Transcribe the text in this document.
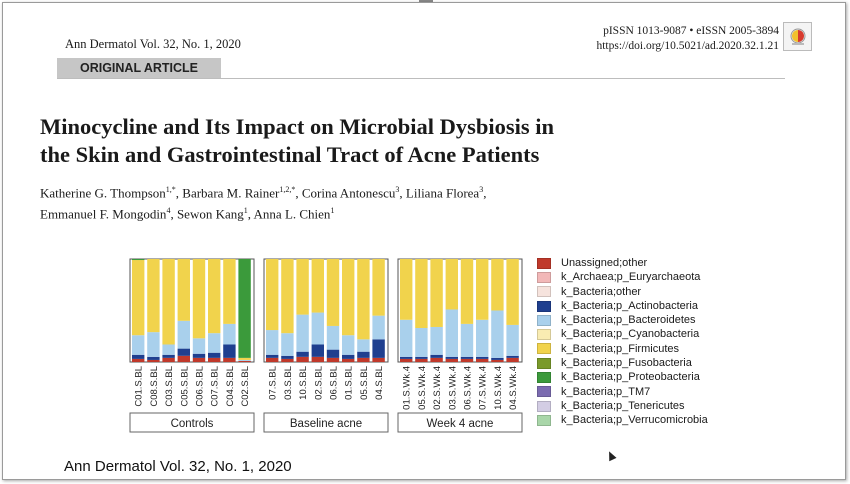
Ann Dermatol Vol. 32, No. 1, 2020
pISSN 1013-9087 • eISSN 2005-3894
https://doi.org/10.5021/ad.2020.32.1.21
ORIGINAL ARTICLE
Minocycline and Its Impact on Microbial Dysbiosis in
the Skin and Gastrointestinal Tract of Acne Patients
Katherine G. Thompson$^{1,*}$, Barbara M. Rainer$^{1,2,*}$, Corina Antonescu$^3$, Liliana Florea$^3$,
Emmanuel F. Mongodin$^4$, Sewon Kang$^1$, Anna L. Chien$^1$
C01.S.BL C08.S.BL C03.S.BL C05.S.BL C06.S.BL C07.S.BL C04.S.BL C02.S.BL
Controls
07.S.BL 03.S.BL 10.S.BL 02.S.BL 06.S.BL 01.S.BL 05.S.BL 04.S.BL
Baseline acne
01.S.Wk.4 05.S.Wk.4 02.S.Wk.4 03.S.Wk.4 06.S.Wk.4 07.S.Wk.4 10.S.Wk.4 04.S.Wk.4
Week 4 acne
Unassigned;other
k_Archaea;p_Euryarchaeota
k_Bacteria;other
k_Bacteria;p_Actinobacteria
k_Bacteria;p_Bacteroidetes
k_Bacteria;p_Cyanobacteria
k_Bacteria;p_Firmicutes
k_Bacteria;p_Fusobacteria
k_Bacteria;p_Proteobacteria
k_Bacteria;p_TM7
k_Bacteria;p_Tenericutes
k_Bacteria;p_Verrucomicrobia
Ann Dermatol Vol. 32, No. 1, 2020
